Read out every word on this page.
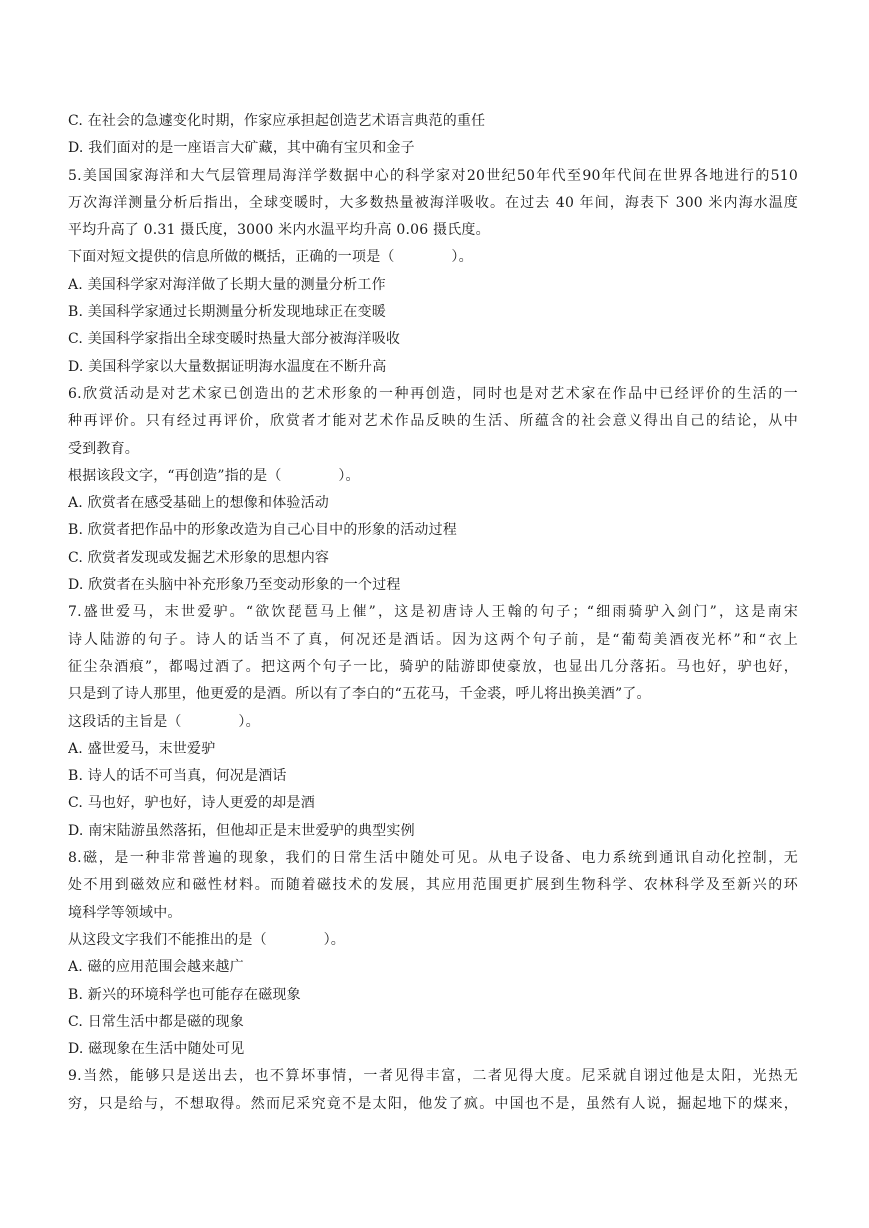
C. 在社会的急遽变化时期，作家应承担起创造艺术语言典范的重任
D. 我们面对的是一座语言大矿藏，其中确有宝贝和金子
5.美国国家海洋和大气层管理局海洋学数据中心的科学家对20世纪50年代至90年代间在世界各地进行的510
万次海洋测量分析后指出，全球变暖时，大多数热量被海洋吸收。在过去 40 年间，海表下 300 米内海水温度
平均升高了 0.31 摄氏度，3000 米内水温平均升高 0.06 摄氏度。
下面对短文提供的信息所做的概括，正确的一项是（　　　　）。
A. 美国科学家对海洋做了长期大量的测量分析工作
B. 美国科学家通过长期测量分析发现地球正在变暖
C. 美国科学家指出全球变暖时热量大部分被海洋吸收
D. 美国科学家以大量数据证明海水温度在不断升高
6.欣赏活动是对艺术家已创造出的艺术形象的一种再创造，同时也是对艺术家在作品中已经评价的生活的一
种再评价。只有经过再评价，欣赏者才能对艺术作品反映的生活、所蕴含的社会意义得出自己的结论，从中
受到教育。
根据该段文字，“再创造”指的是（　　　　）。
A. 欣赏者在感受基础上的想像和体验活动
B. 欣赏者把作品中的形象改造为自己心目中的形象的活动过程
C. 欣赏者发现或发掘艺术形象的思想内容
D. 欣赏者在头脑中补充形象乃至变动形象的一个过程
7.盛世爱马，末世爱驴。“欲饮琵琶马上催”，这是初唐诗人王翰的句子；“细雨骑驴入剑门”，这是南宋
诗人陆游的句子。诗人的话当不了真，何况还是酒话。因为这两个句子前，是“葡萄美酒夜光杯”和“衣上
征尘杂酒痕”，都喝过酒了。把这两个句子一比，骑驴的陆游即使豪放，也显出几分落拓。马也好，驴也好，
只是到了诗人那里，他更爱的是酒。所以有了李白的“五花马，千金裘，呼儿将出换美酒”了。
这段话的主旨是（　　　　）。
A. 盛世爱马，末世爱驴
B. 诗人的话不可当真，何况是酒话
C. 马也好，驴也好，诗人更爱的却是酒
D. 南宋陆游虽然落拓，但他却正是末世爱驴的典型实例
8.磁，是一种非常普遍的现象，我们的日常生活中随处可见。从电子设备、电力系统到通讯自动化控制，无
处不用到磁效应和磁性材料。而随着磁技术的发展，其应用范围更扩展到生物科学、农林科学及至新兴的环
境科学等领域中。
从这段文字我们不能推出的是（　　　　）。
A. 磁的应用范围会越来越广
B. 新兴的环境科学也可能存在磁现象
C. 日常生活中都是磁的现象
D. 磁现象在生活中随处可见
9.当然，能够只是送出去，也不算坏事情，一者见得丰富，二者见得大度。尼采就自诩过他是太阳，光热无
穷，只是给与，不想取得。然而尼采究竟不是太阳，他发了疯。中国也不是，虽然有人说，掘起地下的煤来，
